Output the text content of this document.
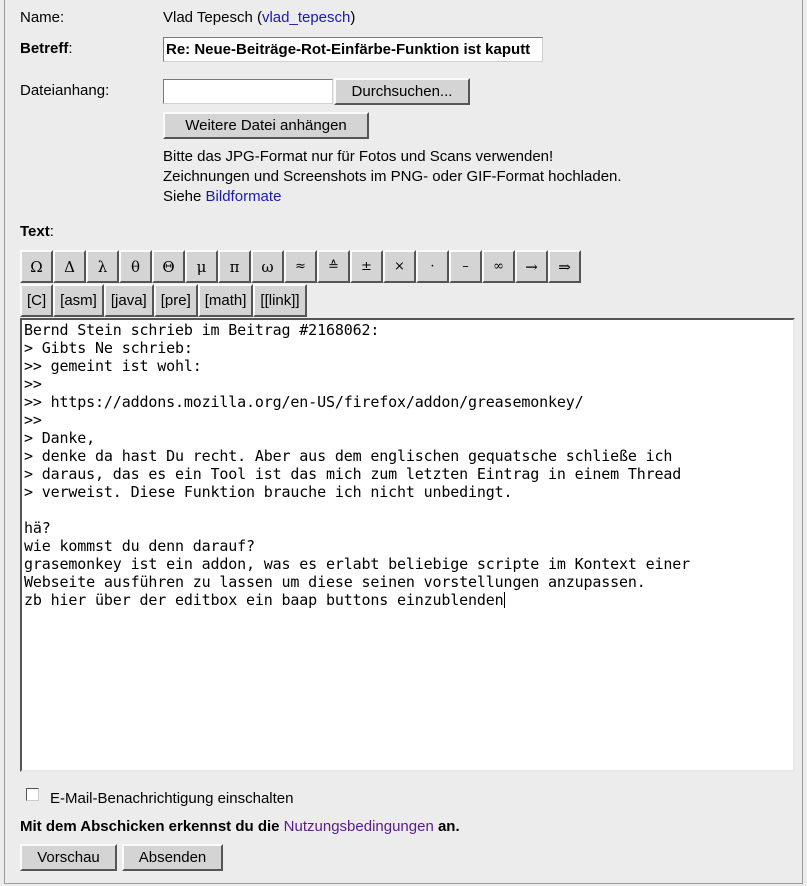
Name:	Vlad Tepesch (vlad_tepesch)
Betreff:	Re: Neue-Beiträge-Rot-Einfärbe-Funktion ist kaputt
Dateianhang:	Durchsuchen...
Weitere Datei anhängen
Bitte das JPG-Format nur für Fotos und Scans verwenden!
Zeichnungen und Screenshots im PNG- oder GIF-Format hochladen.
Siehe Bildformate
Text:
Ω Δ λ θ Θ μ π ω ≈ ≙ ± × · – ∞ → ⇒
[C] [asm] [java] [pre] [math] [[link]]
Bernd Stein schrieb im Beitrag #2168062:
> Gibts Ne schrieb:
>> gemeint ist wohl:
>>
>> https://addons.mozilla.org/en-US/firefox/addon/greasemonkey/
>>
> Danke,
> denke da hast Du recht. Aber aus dem englischen gequatsche schließe ich
> daraus, das es ein Tool ist das mich zum letzten Eintrag in einem Thread
> verweist. Diese Funktion brauche ich nicht unbedingt.
hä?
wie kommst du denn darauf?
grasemonkey ist ein addon, was es erlabt beliebige scripte im Kontext einer
Webseite ausführen zu lassen um diese seinen vorstellungen anzupassen.
zb hier über der editbox ein baap buttons einzublenden
E-Mail-Benachrichtigung einschalten
Mit dem Abschicken erkennst du die Nutzungsbedingungen an.
Vorschau	Absenden
